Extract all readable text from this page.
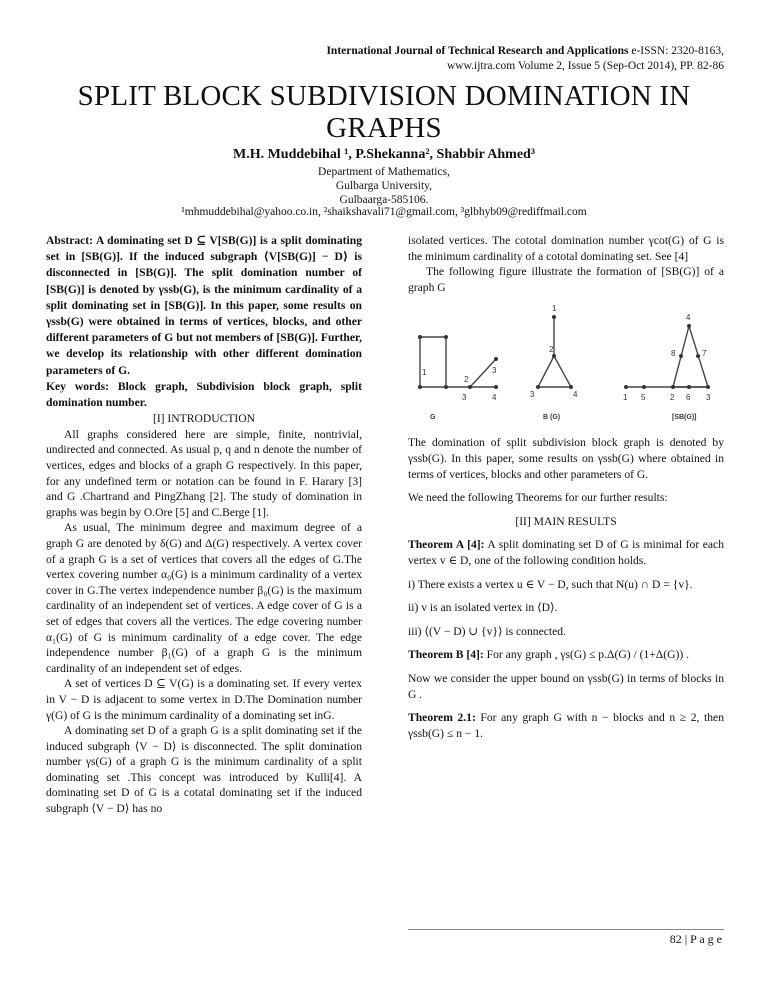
International Journal of Technical Research and Applications e-ISSN: 2320-8163,
www.ijtra.com Volume 2, Issue 5 (Sep-Oct 2014), PP. 82-86
SPLIT BLOCK SUBDIVISION DOMINATION IN GRAPHS
M.H. Muddebihal ¹, P.Shekanna², Shabbir Ahmed³
Department of Mathematics,
Gulbarga University,
Gulbaarga-585106.
¹mhmuddebihal@yahoo.co.in, ²shaikshavali71@gmail.com, ³glbhyb09@rediffmail.com

Abstract: A dominating set D ⊆ V[SB(G)] is a split dominating set in [SB(G)]. If the induced subgraph ⟨V[SB(G)] − D⟩ is disconnected in [SB(G)]. The split domination number of [SB(G)] is denoted by γssb(G), is the minimum cardinality of a split dominating set in [SB(G)]. In this paper, some results on γssb(G) were obtained in terms of vertices, blocks, and other different parameters of G but not members of [SB(G)]. Further, we develop its relationship with other different domination parameters of G.

Key words: Block graph, Subdivision block graph, split domination number.

[I] INTRODUCTION

All graphs considered here are simple, finite, nontrivial, undirected and connected. As usual p, q and n denote the number of vertices, edges and blocks of a graph G respectively. In this paper, for any undefined term or notation can be found in F. Harary [3] and G .Chartrand and PingZhang [2]. The study of domination in graphs was begin by O.Ore [5] and C.Berge [1].

As usual, The minimum degree and maximum degree of a graph G are denoted by δ(G) and Δ(G) respectively. A vertex cover of a graph G is a set of vertices that covers all the edges of G.The vertex covering number α₀(G) is a minimum cardinality of a vertex cover in G.The vertex independence number β₀(G) is the maximum cardinality of an independent set of vertices. A edge cover of G is a set of edges that covers all the vertices. The edge covering number α₁(G) of G is minimum cardinality of a edge cover. The edge independence number β₁(G) of a graph G is the minimum cardinality of an independent set of edges.

A set of vertices D ⊆ V(G) is a dominating set. If every vertex in V − D is adjacent to some vertex in D.The Domination number γ(G) of G is the minimum cardinality of a dominating set inG.

A dominating set D of a graph G is a split dominating set if the induced subgraph ⟨V − D⟩ is disconnected. The split domination number γs(G) of a graph G is the minimum cardinality of a split dominating set .This concept was introduced by Kulli[4]. A dominating set D of G is a cotatal dominating set if the induced subgraph ⟨V − D⟩ has no

isolated vertices. The cototal domination number γcot(G) of G is the minimum cardinality of a cototal dominating set. See [4]

The following figure illustrate the formation of [SB(G)] of a graph G

1
2
3	4
3
1
2
3	4	1 5	2 6 3
4
8	7
G	B (G)	[SB(G)]

The domination of split subdivision block graph is denoted by γssb(G). In this paper, some results on γssb(G) where obtained in terms of vertices, blocks and other parameters of G.

We need the following Theorems for our further results:

[II] MAIN RESULTS

Theorem A [4]: A split dominating set D of G is minimal for each vertex v ∈ D, one of the following condition holds.

i) There exists a vertex u ∈ V − D, such that N(u) ∩ D = {v}.

ii) v is an isolated vertex in ⟨D⟩.

iii) ⟨(V − D) ∪ {v}⟩ is connected.

Theorem B [4]: For any graph , γs(G) ≤ p.Δ(G) / (1+Δ(G)) .

Now we consider the upper bound on γssb(G) in terms of blocks in G .

Theorem 2.1: For any graph G with n − blocks and n ≥ 2, then γssb(G) ≤ n − 1.

82 | P a g e
